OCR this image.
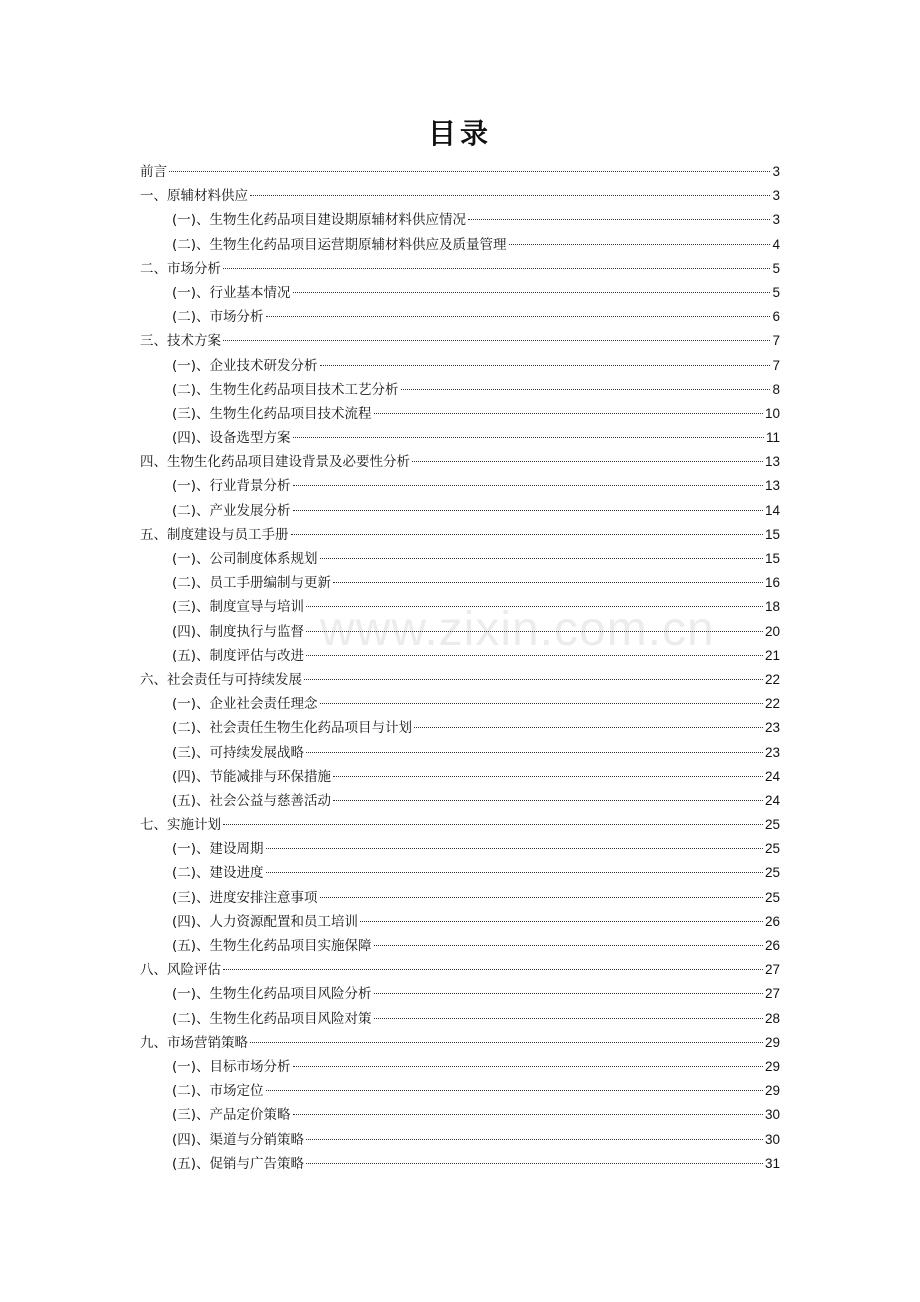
目录
前言	3
一、原辅材料供应	3
(一)、生物生化药品项目建设期原辅材料供应情况	3
(二)、生物生化药品项目运营期原辅材料供应及质量管理	4
二、市场分析	5
(一)、行业基本情况	5
(二)、市场分析	6
三、技术方案	7
(一)、企业技术研发分析	7
(二)、生物生化药品项目技术工艺分析	8
(三)、生物生化药品项目技术流程	10
(四)、设备选型方案	11
四、生物生化药品项目建设背景及必要性分析	13
(一)、行业背景分析	13
(二)、产业发展分析	14
五、制度建设与员工手册	15
(一)、公司制度体系规划	15
(二)、员工手册编制与更新	16
(三)、制度宣导与培训	18
(四)、制度执行与监督	20
(五)、制度评估与改进	21
六、社会责任与可持续发展	22
(一)、企业社会责任理念	22
(二)、社会责任生物生化药品项目与计划	23
(三)、可持续发展战略	23
(四)、节能减排与环保措施	24
(五)、社会公益与慈善活动	24
七、实施计划	25
(一)、建设周期	25
(二)、建设进度	25
(三)、进度安排注意事项	25
(四)、人力资源配置和员工培训	26
(五)、生物生化药品项目实施保障	26
八、风险评估	27
(一)、生物生化药品项目风险分析	27
(二)、生物生化药品项目风险对策	28
九、市场营销策略	29
(一)、目标市场分析	29
(二)、市场定位	29
(三)、产品定价策略	30
(四)、渠道与分销策略	30
(五)、促销与广告策略	31
www.zixin.com.cn
